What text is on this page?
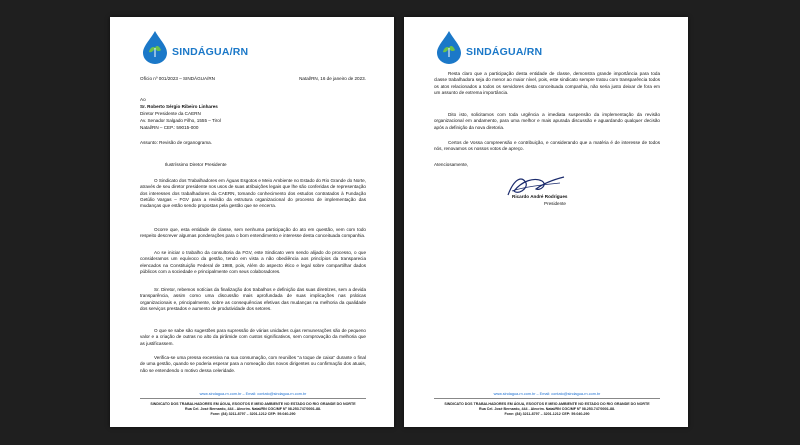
SINDÁGUA/RN
Ofício nº 001/2023 – SINDÁGUA/RN	Natal/RN, 16 de janeiro de 2023.
Ao
Sr. Roberto Sérgio Ribeiro Linhares
Diretor Presidente da CAERN
Av. Senador Salgado Filho, 1555 – Tirol
Natal/RN – CEP.: 59015-000
Assunto: Revisão de organograma.
Ilustríssimo Diretor Presidente
O Sindicato dos Trabalhadores em Águas Esgotos e Meio Ambiente no Estado do Rio Grande do Norte, através de seu diretor presidente nos usos de suas atribuições legais que lhe são conferidas de representação dos interesses dos trabalhadores da CAERN, tomando conhecimento dos estudos contratados à Fundação Getúlio Vargas – FGV para a revisão da estrutura organizacional do processo de implementação das mudanças que estão sendo propostas pela gestão que se encerra.
Ocorre que, esta entidade de classe, sem nenhuma participação do ato em questão, vem com todo respeito descrever algumas ponderações para o bom entendimento e interesse desta conceituada companhia.
Ao se iniciar o trabalho da consultoria da FGV, este Sindicato vem sendo alijado do processo, o que consideramos um equívoco da gestão, tendo em vista a não obediência aos princípios da transparecia elencados na Constituição Federal de 1988, pois, Além do aspecto ético e legal sobre compartilhar dados públicos com a sociedade e principalmente com seus colaboradores.
Sr. Diretor, rebemos notícias da finalização dos trabalhos e definição das suas diretrizes, sem a devida transparência, assim como uma discussão mais aprofundada de suas implicações nas práticas organizacionais e, principalmente, sobre as consequências efetivas das mudanças na melhoria da qualidade dos serviços prestados e aumento de produtividade dos setores.
O que se sabe são sugestões para supressão de várias unidades cujas remunerações são de pequeno valor e a criação de outras no alto da pirâmide com custos significativos, sem comprovação da melhoria que as justificassem.
Verifica-se uma pressa excessiva na sua consumação, com reuniões "a toque de caixa" durante o final de uma gestão, quando se poderia esperar para a nomeação dos novos dirigentes ou confirmação dos atuais, não se entendendo o motivo dessa celeridade.
www.sindagua-rn.com.br – Email: contato@sindagua-rn.com.br
SINDICATO DOS TRABALHADORES EM ÁGUA, ESGOTOS E MEIO AMBIENTE NO ESTADO DO RIO GRANDE DO NORTE
Rua Cel. José Bernardo, 444 - Alecrim. Natal/RN CGC/MF Nº 08.253.747/0001-88.
Fone: (84) 3211-8797 – 3201-1212 CEP: 59.040-290
SINDÁGUA/RN
Resta claro que a participação desta entidade de classe, demonstra grande importância para toda classe trabalhadora seja do menor ao maior nível, pois, este sindicato sempre tratou com transparência todos os atos relacionados a todos os servidores desta conceituada companhia, não seria justo deixar de fora em um assunto de extrema importância.
Dito isto, solicitamos com toda urgência a imediata suspensão da implementação da revisão organizacional em andamento, para uma melhor e mais apurada discussão e aguardando qualquer decisão após a definição da nova diretoria.
Certos de Vossa compreensão e contribuição, e considerando que a matéria é de interesse de todos nós, renovamos os nossos votos de apreço.
Atenciosamente,
Ricardo André Rodrigues
Presidente
www.sindagua-rn.com.br – Email: contato@sindagua-rn.com.br
SINDICATO DOS TRABALHADORES EM ÁGUA, ESGOTOS E MEIO AMBIENTE NO ESTADO DO RIO GRANDE DO NORTE
Rua Cel. José Bernardo, 444 - Alecrim. Natal/RN CGC/MF Nº 08.253.747/0001-88.
Fone: (84) 3211-8797 – 3201-1212 CEP: 59.040-290
